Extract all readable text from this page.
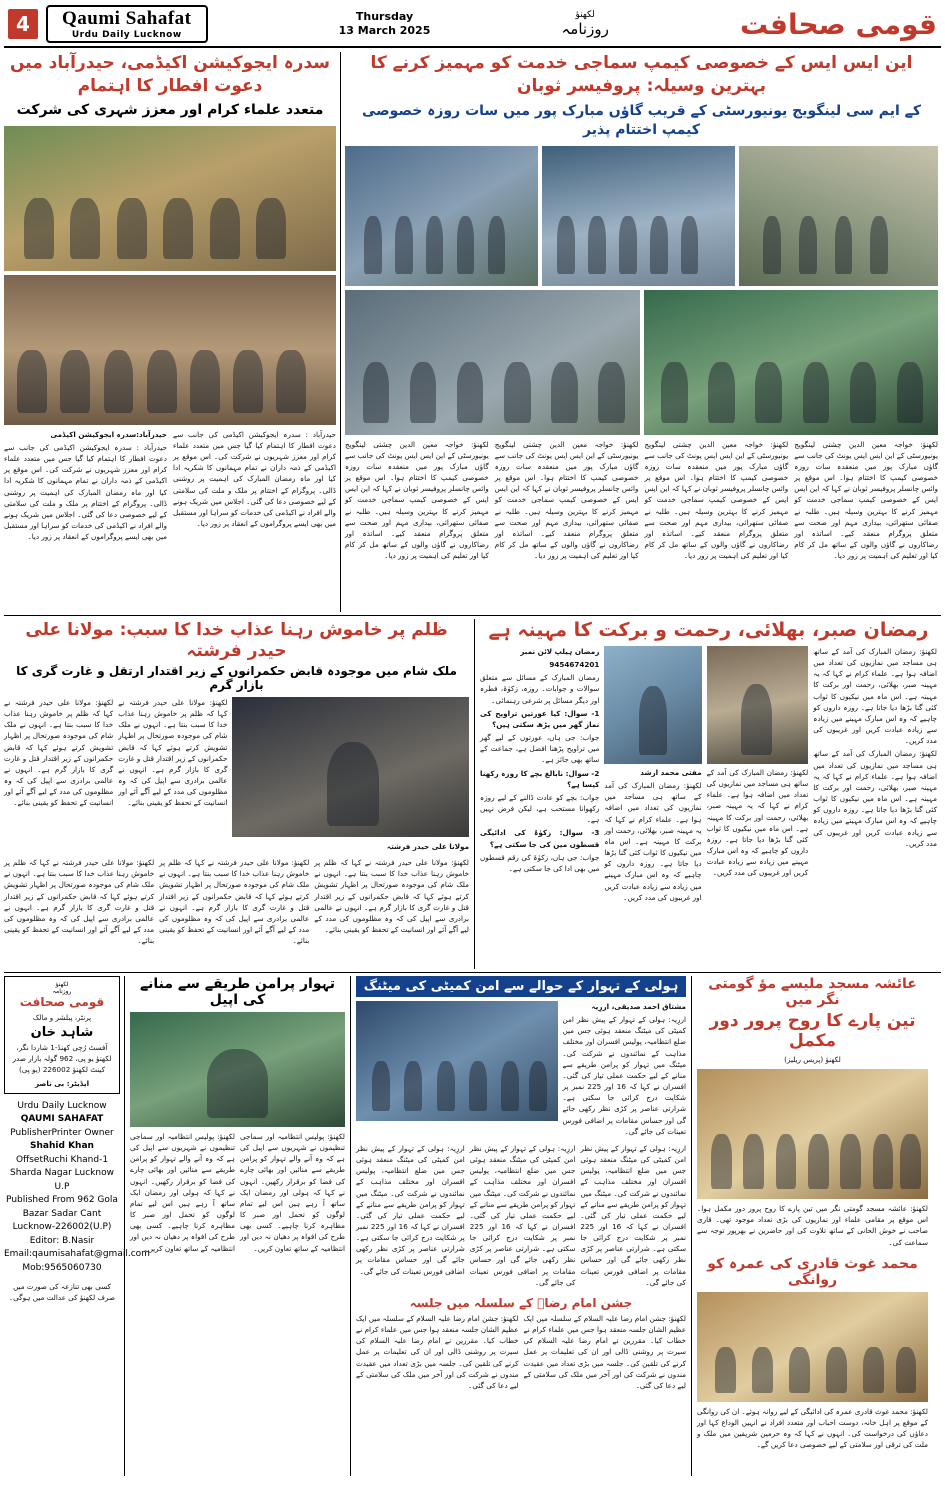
4	Qaumi Sahafat
Urdu Daily Lucknow
Thursday
13 March 2025
لکھنؤ
روزنامہ	قومی صحافت
سدرہ ایجوکیشن اکیڈمی، حیدرآباد میں دعوت افطار کا اہتمام
متعدد علماء کرام اور معزز شہری کی شرکت

حیدرآباد:سدرہ ایجوکیشن اکیڈمی

حیدرآباد : سدرہ ایجوکیشن اکیڈمی کی جانب سے دعوت افطار کا اہتمام کیا گیا جس میں متعدد علماء کرام اور معزز شہریوں نے شرکت کی۔ اس موقع پر اکیڈمی کے ذمہ داران نے تمام مہمانوں کا شکریہ ادا کیا اور ماہ رمضان المبارک کی اہمیت پر روشنی ڈالی۔ پروگرام کے اختتام پر ملک و ملت کی سلامتی کے لیے خصوصی دعا کی گئی۔ اجلاس میں شریک ہونے والے افراد نے اکیڈمی کی خدمات کو سراہا اور مستقبل میں بھی ایسے پروگراموں کے انعقاد پر زور دیا۔

حیدرآباد : سدرہ ایجوکیشن اکیڈمی کی جانب سے دعوت افطار کا اہتمام کیا گیا جس میں متعدد علماء کرام اور معزز شہریوں نے شرکت کی۔ اس موقع پر اکیڈمی کے ذمہ داران نے تمام مہمانوں کا شکریہ ادا کیا اور ماہ رمضان المبارک کی اہمیت پر روشنی ڈالی۔ پروگرام کے اختتام پر ملک و ملت کی سلامتی کے لیے خصوصی دعا کی گئی۔ اجلاس میں شریک ہونے والے افراد نے اکیڈمی کی خدمات کو سراہا اور مستقبل میں بھی ایسے پروگراموں کے انعقاد پر زور دیا۔

این ایس ایس کے خصوصی کیمپ سماجی خدمت کو مہمیز کرنے کا بہترین وسیلہ: پروفیسر ثوبان
کے ایم سی لینگویج یونیورسٹی کے قریب گاؤں مبارک پور میں سات روزہ خصوصی کیمپ اختتام پذیر

لکھنؤ: خواجہ معین الدین چشتی لینگویج یونیورسٹی کے این ایس ایس یونٹ کی جانب سے گاؤں مبارک پور میں منعقدہ سات روزہ خصوصی کیمپ کا اختتام ہوا۔ اس موقع پر وائس چانسلر پروفیسر ثوبان نے کہا کہ این ایس ایس کے خصوصی کیمپ سماجی خدمت کو مہمیز کرنے کا بہترین وسیلہ ہیں۔ طلبہ نے صفائی ستھرائی، بیداری مہم اور صحت سے متعلق پروگرام منعقد کیے۔ اساتذہ اور رضاکاروں نے گاؤں والوں کے ساتھ مل کر کام کیا اور تعلیم کی اہمیت پر زور دیا۔

لکھنؤ: خواجہ معین الدین چشتی لینگویج یونیورسٹی کے این ایس ایس یونٹ کی جانب سے گاؤں مبارک پور میں منعقدہ سات روزہ خصوصی کیمپ کا اختتام ہوا۔ اس موقع پر وائس چانسلر پروفیسر ثوبان نے کہا کہ این ایس ایس کے خصوصی کیمپ سماجی خدمت کو مہمیز کرنے کا بہترین وسیلہ ہیں۔ طلبہ نے صفائی ستھرائی، بیداری مہم اور صحت سے متعلق پروگرام منعقد کیے۔ اساتذہ اور رضاکاروں نے گاؤں والوں کے ساتھ مل کر کام کیا اور تعلیم کی اہمیت پر زور دیا۔

لکھنؤ: خواجہ معین الدین چشتی لینگویج یونیورسٹی کے این ایس ایس یونٹ کی جانب سے گاؤں مبارک پور میں منعقدہ سات روزہ خصوصی کیمپ کا اختتام ہوا۔ اس موقع پر وائس چانسلر پروفیسر ثوبان نے کہا کہ این ایس ایس کے خصوصی کیمپ سماجی خدمت کو مہمیز کرنے کا بہترین وسیلہ ہیں۔ طلبہ نے صفائی ستھرائی، بیداری مہم اور صحت سے متعلق پروگرام منعقد کیے۔ اساتذہ اور رضاکاروں نے گاؤں والوں کے ساتھ مل کر کام کیا اور تعلیم کی اہمیت پر زور دیا۔

لکھنؤ: خواجہ معین الدین چشتی لینگویج یونیورسٹی کے این ایس ایس یونٹ کی جانب سے گاؤں مبارک پور میں منعقدہ سات روزہ خصوصی کیمپ کا اختتام ہوا۔ اس موقع پر وائس چانسلر پروفیسر ثوبان نے کہا کہ این ایس ایس کے خصوصی کیمپ سماجی خدمت کو مہمیز کرنے کا بہترین وسیلہ ہیں۔ طلبہ نے صفائی ستھرائی، بیداری مہم اور صحت سے متعلق پروگرام منعقد کیے۔ اساتذہ اور رضاکاروں نے گاؤں والوں کے ساتھ مل کر کام کیا اور تعلیم کی اہمیت پر زور دیا۔

ظلم پر خاموش رہنا عذاب خدا کا سبب: مولانا علی حیدر فرشتہ
ملک شام میں موجودہ قابض حکمرانوں کے زیر اقتدار ارتقل و غارت گری کا بازار گرم

لکھنؤ: مولانا علی حیدر فرشتہ نے کہا کہ ظلم پر خاموش رہنا عذاب خدا کا سبب بنتا ہے۔ انہوں نے ملک شام کی موجودہ صورتحال پر اظہار تشویش کرتے ہوئے کہا کہ قابض حکمرانوں کے زیر اقتدار قتل و غارت گری کا بازار گرم ہے۔ انہوں نے عالمی برادری سے اپیل کی کہ وہ مظلوموں کی مدد کے لیے آگے آئے اور انسانیت کے تحفظ کو یقینی بنائے۔

لکھنؤ: مولانا علی حیدر فرشتہ نے کہا کہ ظلم پر خاموش رہنا عذاب خدا کا سبب بنتا ہے۔ انہوں نے ملک شام کی موجودہ صورتحال پر اظہار تشویش کرتے ہوئے کہا کہ قابض حکمرانوں کے زیر اقتدار قتل و غارت گری کا بازار گرم ہے۔ انہوں نے عالمی برادری سے اپیل کی کہ وہ مظلوموں کی مدد کے لیے آگے آئے اور انسانیت کے تحفظ کو یقینی بنائے۔

مولانا علی حیدر فرشتہ

لکھنؤ: مولانا علی حیدر فرشتہ نے کہا کہ ظلم پر خاموش رہنا عذاب خدا کا سبب بنتا ہے۔ انہوں نے ملک شام کی موجودہ صورتحال پر اظہار تشویش کرتے ہوئے کہا کہ قابض حکمرانوں کے زیر اقتدار قتل و غارت گری کا بازار گرم ہے۔ انہوں نے عالمی برادری سے اپیل کی کہ وہ مظلوموں کی مدد کے لیے آگے آئے اور انسانیت کے تحفظ کو یقینی بنائے۔

لکھنؤ: مولانا علی حیدر فرشتہ نے کہا کہ ظلم پر خاموش رہنا عذاب خدا کا سبب بنتا ہے۔ انہوں نے ملک شام کی موجودہ صورتحال پر اظہار تشویش کرتے ہوئے کہا کہ قابض حکمرانوں کے زیر اقتدار قتل و غارت گری کا بازار گرم ہے۔ انہوں نے عالمی برادری سے اپیل کی کہ وہ مظلوموں کی مدد کے لیے آگے آئے اور انسانیت کے تحفظ کو یقینی بنائے۔

لکھنؤ: مولانا علی حیدر فرشتہ نے کہا کہ ظلم پر خاموش رہنا عذاب خدا کا سبب بنتا ہے۔ انہوں نے ملک شام کی موجودہ صورتحال پر اظہار تشویش کرتے ہوئے کہا کہ قابض حکمرانوں کے زیر اقتدار قتل و غارت گری کا بازار گرم ہے۔ انہوں نے عالمی برادری سے اپیل کی کہ وہ مظلوموں کی مدد کے لیے آگے آئے اور انسانیت کے تحفظ کو یقینی بنائے۔

رمضان صبر، بھلائی، رحمت و برکت کا مہینہ ہے

رمضان ہیلپ لائن نمبر

9454674201

رمضان المبارک کے مسائل سے متعلق سوالات و جوابات۔ روزہ، زکوٰۃ، فطرہ اور دیگر مسائل پر شرعی رہنمائی۔

1- سوال: کیا عورتیں تراویح کی نماز گھر میں پڑھ سکتی ہیں؟

جواب: جی ہاں، عورتوں کے لیے گھر میں تراویح پڑھنا افضل ہے، جماعت کے ساتھ بھی جائز ہے۔

2- سوال: نابالغ بچے کا روزہ رکھنا کیسا ہے؟

جواب: بچے کو عادت ڈالنے کے لیے روزہ رکھوانا مستحب ہے، لیکن فرض نہیں ہے۔

3- سوال: زکوٰۃ کی ادائیگی قسطوں میں کی جا سکتی ہے؟

جواب: جی ہاں، زکوٰۃ کی رقم قسطوں میں بھی ادا کی جا سکتی ہے۔

مفتی محمد ارشد

لکھنؤ: رمضان المبارک کی آمد کے ساتھ ہی مساجد میں نمازیوں کی تعداد میں اضافہ ہوا ہے۔ علماء کرام نے کہا کہ یہ مہینہ صبر، بھلائی، رحمت اور برکت کا مہینہ ہے۔ اس ماہ میں نیکیوں کا ثواب کئی گنا بڑھا دیا جاتا ہے۔ روزہ داروں کو چاہیے کہ وہ اس مبارک مہینے میں زیادہ سے زیادہ عبادت کریں اور غریبوں کی مدد کریں۔

لکھنؤ: رمضان المبارک کی آمد کے ساتھ ہی مساجد میں نمازیوں کی تعداد میں اضافہ ہوا ہے۔ علماء کرام نے کہا کہ یہ مہینہ صبر، بھلائی، رحمت اور برکت کا مہینہ ہے۔ اس ماہ میں نیکیوں کا ثواب کئی گنا بڑھا دیا جاتا ہے۔ روزہ داروں کو چاہیے کہ وہ اس مبارک مہینے میں زیادہ سے زیادہ عبادت کریں اور غریبوں کی مدد کریں۔

لکھنؤ: رمضان المبارک کی آمد کے ساتھ ہی مساجد میں نمازیوں کی تعداد میں اضافہ ہوا ہے۔ علماء کرام نے کہا کہ یہ مہینہ صبر، بھلائی، رحمت اور برکت کا مہینہ ہے۔ اس ماہ میں نیکیوں کا ثواب کئی گنا بڑھا دیا جاتا ہے۔ روزہ داروں کو چاہیے کہ وہ اس مبارک مہینے میں زیادہ سے زیادہ عبادت کریں اور غریبوں کی مدد کریں۔

لکھنؤ: رمضان المبارک کی آمد کے ساتھ ہی مساجد میں نمازیوں کی تعداد میں اضافہ ہوا ہے۔ علماء کرام نے کہا کہ یہ مہینہ صبر، بھلائی، رحمت اور برکت کا مہینہ ہے۔ اس ماہ میں نیکیوں کا ثواب کئی گنا بڑھا دیا جاتا ہے۔ روزہ داروں کو چاہیے کہ وہ اس مبارک مہینے میں زیادہ سے زیادہ عبادت کریں اور غریبوں کی مدد کریں۔

لکھنؤ
روزنامہ
قومی صحافت
پرنٹر، پبلشر و مالک
شاہد خان
آفسٹ رُچی کھنڈ-1 شاردا نگر، لکھنؤ یو پی، 962 گولہ بازار صدر کینٹ لکھنؤ 226002 (یو پی)
ایڈیٹر: بی ناصر
Urdu Daily Lucknow
QAUMI SAHAFAT
PublisherPrinter Owner
Shahid Khan
OffsetRuchi Khand-1 Sharda Nagar Lucknow U.P
Published From 962 Gola Bazar Sadar Cant Lucknow-226002(U.P)
Editor: B.Nasir
Email:qaumisahafat@gmail.com
Mob:9565060730
کسی بھی تنازعہ کی صورت میں صرف لکھنؤ کی عدالت میں ہوگی۔
تہوار پرامن طریقے سے منانے کی اپیل

لکھنؤ: پولیس انتظامیہ اور سماجی تنظیموں نے شہریوں سے اپیل کی ہے کہ وہ آنے والے تہوار کو پرامن طریقے سے منائیں اور بھائی چارے کی فضا کو برقرار رکھیں۔ انہوں نے کہا کہ ہولی اور رمضان ایک ساتھ آ رہے ہیں اس لیے تمام لوگوں کو تحمل اور صبر کا مظاہرہ کرنا چاہیے۔ کسی بھی طرح کی افواہ پر دھیان نہ دیں اور انتظامیہ کے ساتھ تعاون کریں۔

لکھنؤ: پولیس انتظامیہ اور سماجی تنظیموں نے شہریوں سے اپیل کی ہے کہ وہ آنے والے تہوار کو پرامن طریقے سے منائیں اور بھائی چارے کی فضا کو برقرار رکھیں۔ انہوں نے کہا کہ ہولی اور رمضان ایک ساتھ آ رہے ہیں اس لیے تمام لوگوں کو تحمل اور صبر کا مظاہرہ کرنا چاہیے۔ کسی بھی طرح کی افواہ پر دھیان نہ دیں اور انتظامیہ کے ساتھ تعاون کریں۔

ہولی کے تہوار کے حوالے سے امن کمیٹی کی میٹنگ

مشتاق احمد صدیقی، اررِیہ

اررِیہ: ہولی کے تہوار کے پیش نظر امن کمیٹی کی میٹنگ منعقد ہوئی جس میں ضلع انتظامیہ، پولیس افسران اور مختلف مذاہب کے نمائندوں نے شرکت کی۔ میٹنگ میں تہوار کو پرامن طریقے سے منانے کے لیے حکمت عملی تیار کی گئی۔ افسران نے کہا کہ 16 اور 225 نمبر پر شکایت درج کرائی جا سکتی ہے۔ شرارتی عناصر پر کڑی نظر رکھی جائے گی اور حساس مقامات پر اضافی فورس تعینات کی جائے گی۔

اررِیہ: ہولی کے تہوار کے پیش نظر امن کمیٹی کی میٹنگ منعقد ہوئی جس میں ضلع انتظامیہ، پولیس افسران اور مختلف مذاہب کے نمائندوں نے شرکت کی۔ میٹنگ میں تہوار کو پرامن طریقے سے منانے کے لیے حکمت عملی تیار کی گئی۔ افسران نے کہا کہ 16 اور 225 نمبر پر شکایت درج کرائی جا سکتی ہے۔ شرارتی عناصر پر کڑی نظر رکھی جائے گی اور حساس مقامات پر اضافی فورس تعینات کی جائے گی۔

اررِیہ: ہولی کے تہوار کے پیش نظر امن کمیٹی کی میٹنگ منعقد ہوئی جس میں ضلع انتظامیہ، پولیس افسران اور مختلف مذاہب کے نمائندوں نے شرکت کی۔ میٹنگ میں تہوار کو پرامن طریقے سے منانے کے لیے حکمت عملی تیار کی گئی۔ افسران نے کہا کہ 16 اور 225 نمبر پر شکایت درج کرائی جا سکتی ہے۔ شرارتی عناصر پر کڑی نظر رکھی جائے گی اور حساس مقامات پر اضافی فورس تعینات کی جائے گی۔

اررِیہ: ہولی کے تہوار کے پیش نظر امن کمیٹی کی میٹنگ منعقد ہوئی جس میں ضلع انتظامیہ، پولیس افسران اور مختلف مذاہب کے نمائندوں نے شرکت کی۔ میٹنگ میں تہوار کو پرامن طریقے سے منانے کے لیے حکمت عملی تیار کی گئی۔ افسران نے کہا کہ 16 اور 225 نمبر پر شکایت درج کرائی جا سکتی ہے۔ شرارتی عناصر پر کڑی نظر رکھی جائے گی اور حساس مقامات پر اضافی فورس تعینات کی جائے گی۔

جشن امام رضاؑ کے سلسلہ میں جلسہ

لکھنؤ: جشن امام رضا علیہ السلام کے سلسلہ میں ایک عظیم الشان جلسہ منعقد ہوا جس میں علماء کرام نے خطاب کیا۔ مقررین نے امام رضا علیہ السلام کی سیرت پر روشنی ڈالی اور ان کی تعلیمات پر عمل کرنے کی تلقین کی۔ جلسہ میں بڑی تعداد میں عقیدت مندوں نے شرکت کی اور آخر میں ملک کی سلامتی کے لیے دعا کی گئی۔

لکھنؤ: جشن امام رضا علیہ السلام کے سلسلہ میں ایک عظیم الشان جلسہ منعقد ہوا جس میں علماء کرام نے خطاب کیا۔ مقررین نے امام رضا علیہ السلام کی سیرت پر روشنی ڈالی اور ان کی تعلیمات پر عمل کرنے کی تلقین کی۔ جلسہ میں بڑی تعداد میں عقیدت مندوں نے شرکت کی اور آخر میں ملک کی سلامتی کے لیے دعا کی گئی۔

عائشہ مسجد ملیسے مؤ گومتی نگر میں
تین پارے کا روح پرور دور مکمل
لکھنؤ (پریس ریلیز)
لکھنؤ: عائشہ مسجد گومتی نگر میں تین پارے کا روح پرور دور مکمل ہوا۔ اس موقع پر مقامی علماء اور نمازیوں کی بڑی تعداد موجود تھی۔ قاری صاحب نے خوش الحانی کے ساتھ تلاوت کی اور حاضرین نے بھرپور توجہ سے سماعت کی۔
محمد غوث قادری کی عمرہ کو روانگی
لکھنؤ: محمد غوث قادری عمرہ کی ادائیگی کے لیے روانہ ہوئے۔ ان کی روانگی کے موقع پر اہل خانہ، دوست احباب اور متعدد افراد نے انہیں الوداع کہا اور دعاؤں کی درخواست کی۔ انہوں نے کہا کہ وہ حرمین شریفین میں ملک و ملت کی ترقی اور سلامتی کے لیے خصوصی دعا کریں گے۔
